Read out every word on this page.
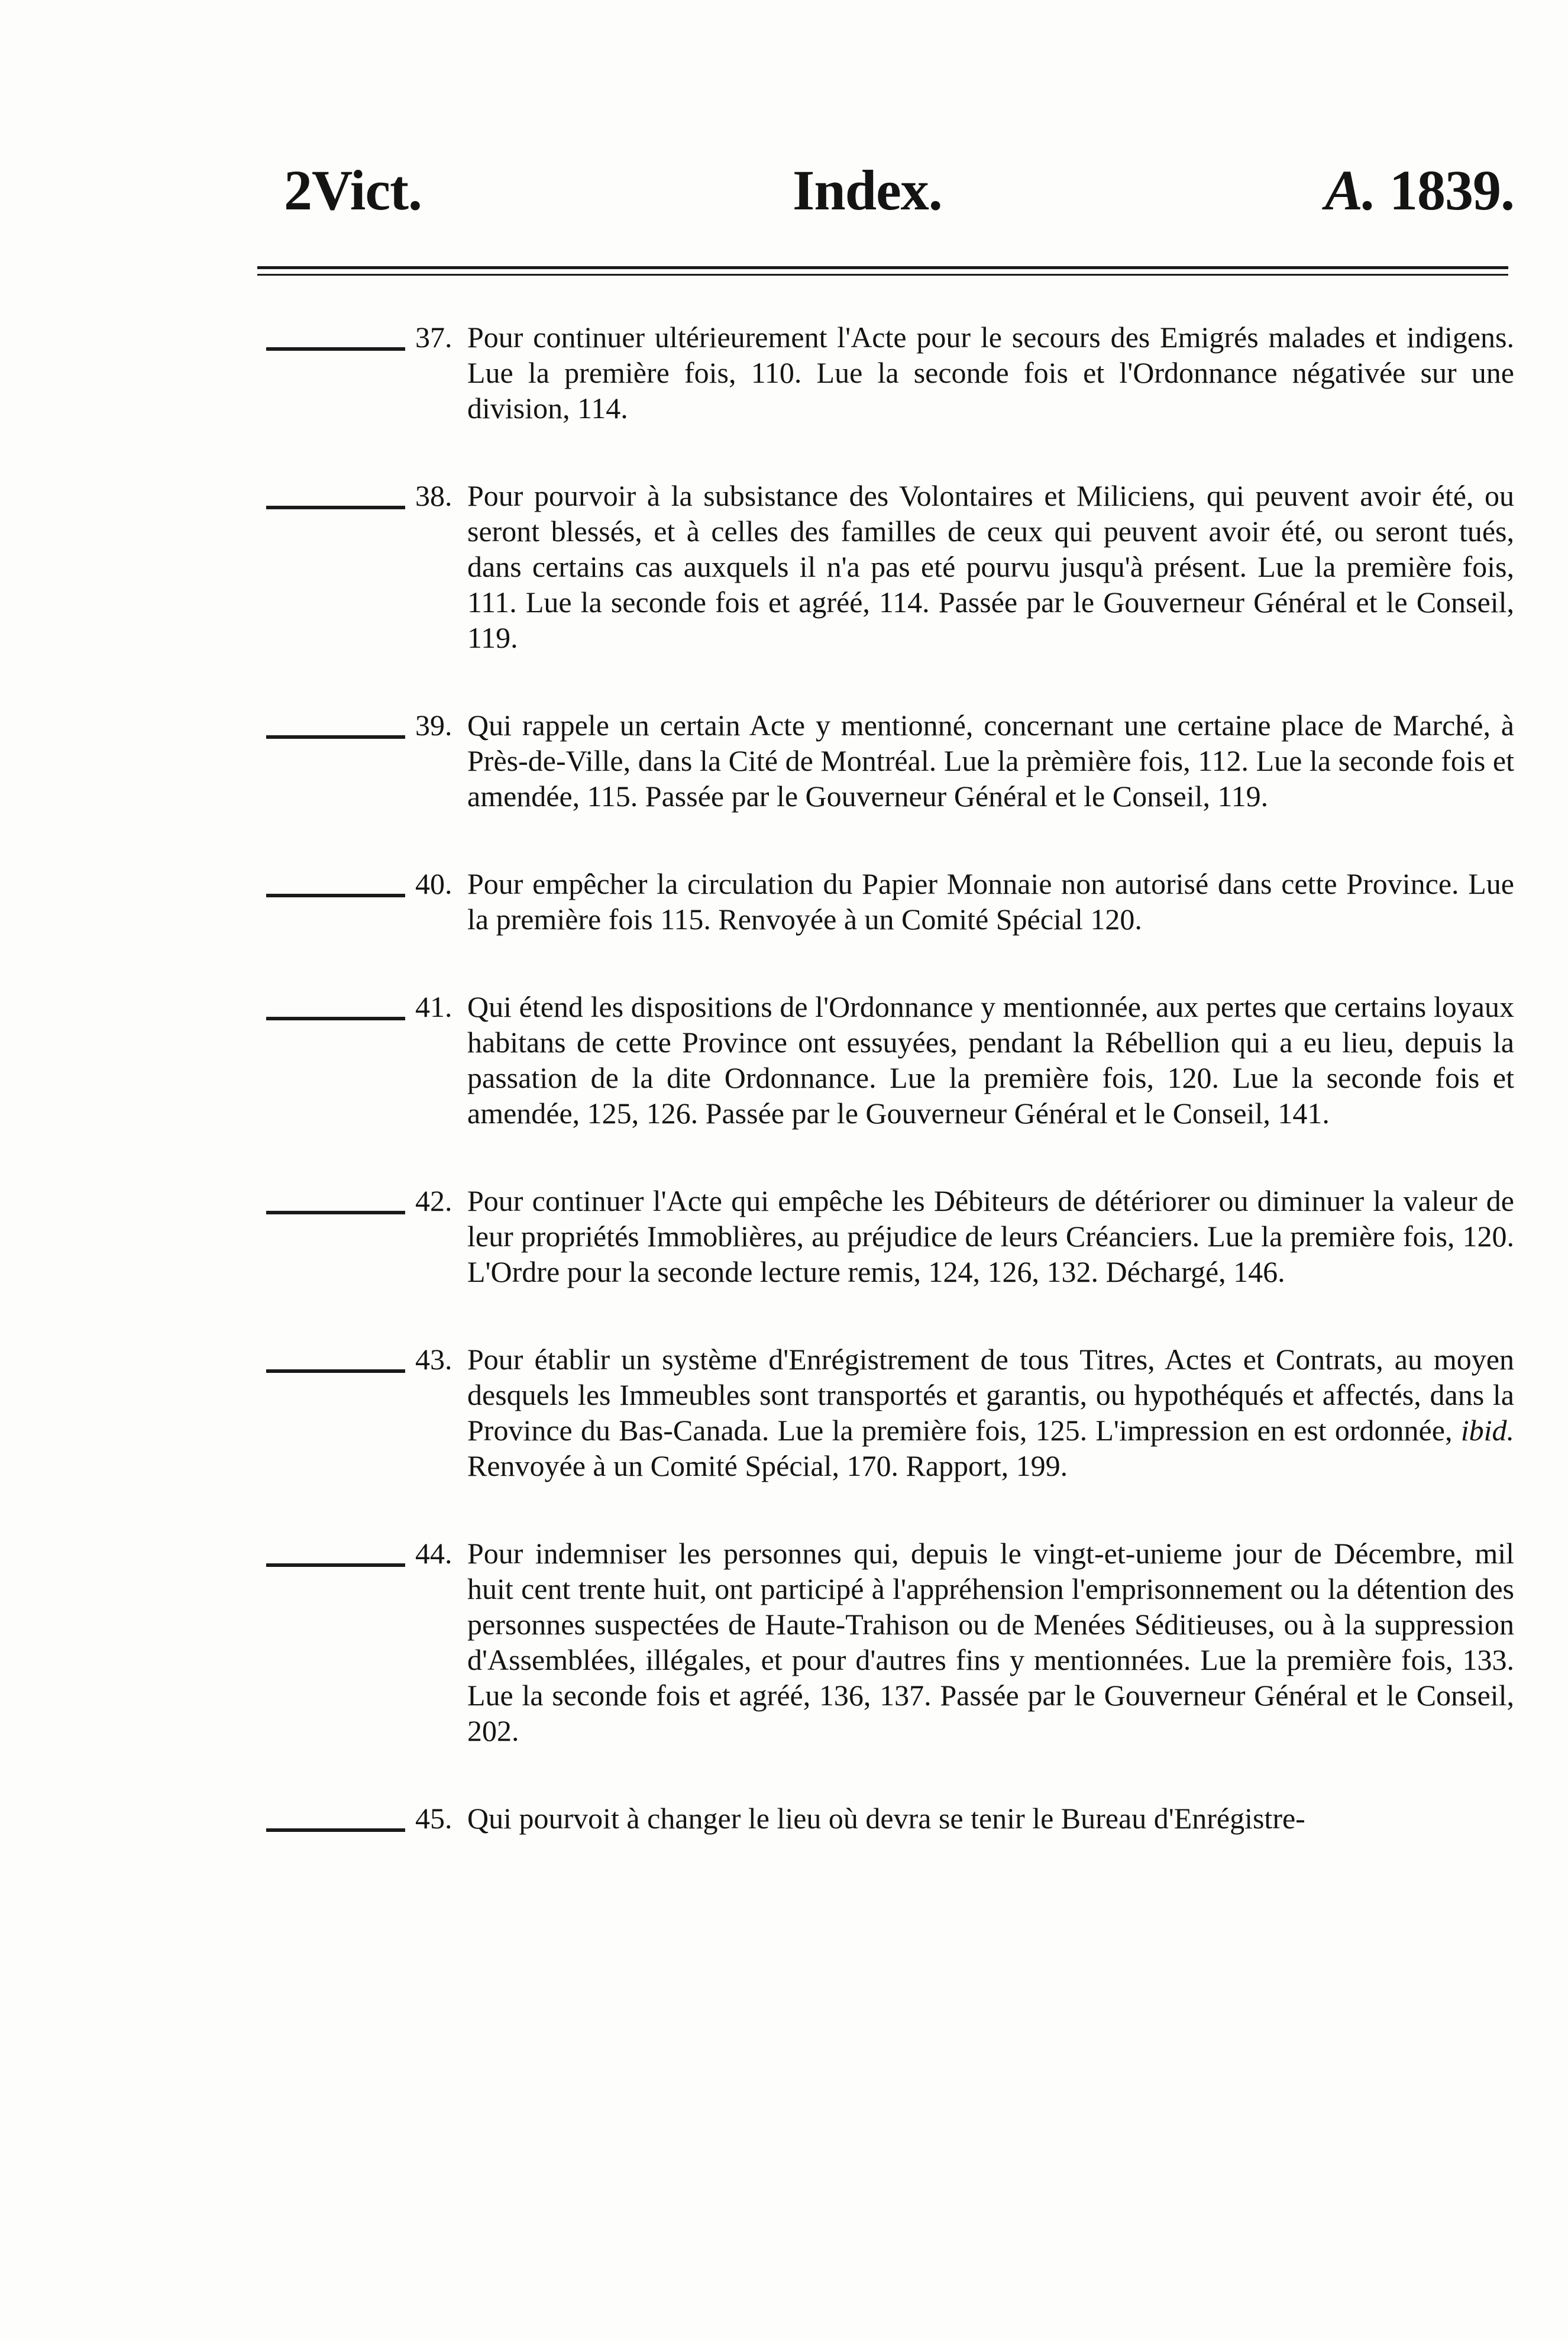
2Vict.	Index.	A. 1839.
37. Pour continuer ultérieurement l'Acte pour le secours des Emigrés malades et indigens. Lue la première fois, 110. Lue la seconde fois et l'Ordonnance négativée sur une division, 114.

38. Pour pourvoir à la subsistance des Volontaires et Miliciens, qui peuvent avoir été, ou seront blessés, et à celles des familles de ceux qui peuvent avoir été, ou seront tués, dans certains cas auxquels il n'a pas eté pourvu jusqu'à présent. Lue la première fois, 111. Lue la seconde fois et agréé, 114. Passée par le Gouverneur Général et le Conseil, 119.

39. Qui rappele un certain Acte y mentionné, concernant une certaine place de Marché, à Près-de-Ville, dans la Cité de Montréal. Lue la prèmière fois, 112. Lue la seconde fois et amendée, 115. Passée par le Gouverneur Général et le Conseil, 119.

40. Pour empêcher la circulation du Papier Monnaie non autorisé dans cette Province. Lue la première fois 115. Renvoyée à un Comité Spécial 120.

41. Qui étend les dispositions de l'Ordonnance y mentionnée, aux pertes que certains loyaux habitans de cette Province ont essuyées, pendant la Rébellion qui a eu lieu, depuis la passation de la dite Ordonnance. Lue la première fois, 120. Lue la seconde fois et amendée, 125, 126. Passée par le Gouverneur Général et le Conseil, 141.

42. Pour continuer l'Acte qui empêche les Débiteurs de détériorer ou diminuer la valeur de leur propriétés Immoblières, au préjudice de leurs Créanciers. Lue la première fois, 120. L'Ordre pour la seconde lecture remis, 124, 126, 132. Déchargé, 146.

43. Pour établir un système d'Enrégistrement de tous Titres, Actes et Contrats, au moyen desquels les Immeubles sont transportés et garantis, ou hypothéqués et affectés, dans la Province du Bas-Canada. Lue la première fois, 125. L'impression en est ordonnée, ibid. Renvoyée à un Comité Spécial, 170. Rapport, 199.

44. Pour indemniser les personnes qui, depuis le vingt-et-unieme jour de Décembre, mil huit cent trente huit, ont participé à l'appréhension l'emprisonnement ou la détention des personnes suspectées de Haute-Trahison ou de Menées Séditieuses, ou à la suppression d'Assemblées, illégales, et pour d'autres fins y mentionnées. Lue la première fois, 133. Lue la seconde fois et agréé, 136, 137. Passée par le Gouverneur Général et le Conseil, 202.

45. Qui pourvoit à changer le lieu où devra se tenir le Bureau d'Enrégistre-
